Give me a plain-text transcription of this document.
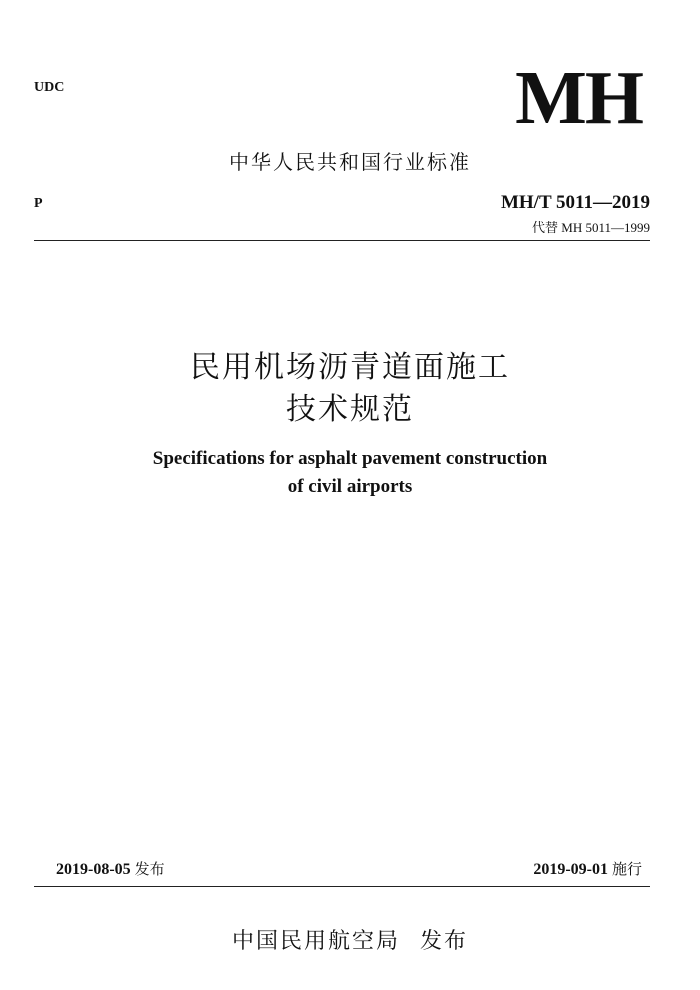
UDC	MH
中华人民共和国行业标准
P	MH/T 5011—2019
代替 MH 5011—1999
民用机场沥青道面施工
技术规范
Specifications for asphalt pavement construction
of civil airports
2019-08-05 发布	2019-09-01 施行
中国民用航空局 发布
